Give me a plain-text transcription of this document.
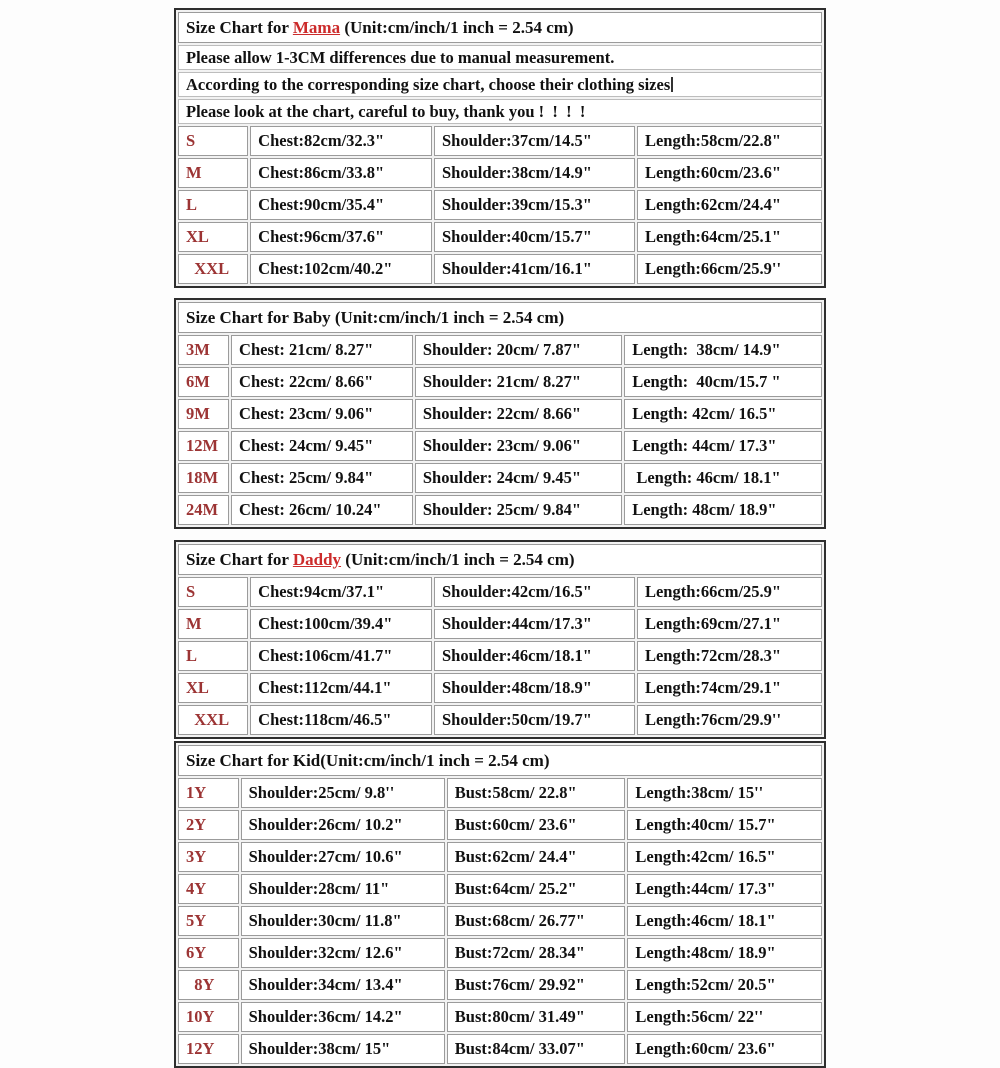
Size Chart for Mama (Unit:cm/inch/1 inch = 2.54 cm)			
Please allow 1-3CM differences due to manual measurement.			
According to the corresponding size chart, choose their clothing sizes			
Please look at the chart, careful to buy, thank you !  !  !  !			
S	Chest:82cm/32.3"	Shoulder:37cm/14.5"	Length:58cm/22.8"
M	Chest:86cm/33.8"	Shoulder:38cm/14.9"	Length:60cm/23.6"
L	Chest:90cm/35.4"	Shoulder:39cm/15.3"	Length:62cm/24.4"
XL	Chest:96cm/37.6"	Shoulder:40cm/15.7"	Length:64cm/25.1"
XXL	Chest:102cm/40.2"	Shoulder:41cm/16.1"	Length:66cm/25.9''
Size Chart for Baby (Unit:cm/inch/1 inch = 2.54 cm)			
3M	Chest: 21cm/ 8.27"	Shoulder: 20cm/ 7.87"	Length:  38cm/ 14.9"
6M	Chest: 22cm/ 8.66"	Shoulder: 21cm/ 8.27"	Length:  40cm/15.7 "
9M	Chest: 23cm/ 9.06"	Shoulder: 22cm/ 8.66"	Length: 42cm/ 16.5"
12M	Chest: 24cm/ 9.45"	Shoulder: 23cm/ 9.06"	Length: 44cm/ 17.3"
18M	Chest: 25cm/ 9.84"	Shoulder: 24cm/ 9.45"	Length: 46cm/ 18.1"
24M	Chest: 26cm/ 10.24"	Shoulder: 25cm/ 9.84"	Length: 48cm/ 18.9"
Size Chart for Daddy (Unit:cm/inch/1 inch = 2.54 cm)			
S	Chest:94cm/37.1"	Shoulder:42cm/16.5"	Length:66cm/25.9"
M	Chest:100cm/39.4"	Shoulder:44cm/17.3"	Length:69cm/27.1"
L	Chest:106cm/41.7"	Shoulder:46cm/18.1"	Length:72cm/28.3"
XL	Chest:112cm/44.1"	Shoulder:48cm/18.9"	Length:74cm/29.1"
XXL	Chest:118cm/46.5"	Shoulder:50cm/19.7"	Length:76cm/29.9''
Size Chart for Kid(Unit:cm/inch/1 inch = 2.54 cm)			
1Y	Shoulder:25cm/ 9.8''	Bust:58cm/ 22.8"	Length:38cm/ 15''
2Y	Shoulder:26cm/ 10.2"	Bust:60cm/ 23.6"	Length:40cm/ 15.7"
3Y	Shoulder:27cm/ 10.6"	Bust:62cm/ 24.4"	Length:42cm/ 16.5"
4Y	Shoulder:28cm/ 11"	Bust:64cm/ 25.2"	Length:44cm/ 17.3"
5Y	Shoulder:30cm/ 11.8"	Bust:68cm/ 26.77"	Length:46cm/ 18.1"
6Y	Shoulder:32cm/ 12.6"	Bust:72cm/ 28.34"	Length:48cm/ 18.9"
8Y	Shoulder:34cm/ 13.4"	Bust:76cm/ 29.92"	Length:52cm/ 20.5"
10Y	Shoulder:36cm/ 14.2"	Bust:80cm/ 31.49"	Length:56cm/ 22''
12Y	Shoulder:38cm/ 15"	Bust:84cm/ 33.07"	Length:60cm/ 23.6"
